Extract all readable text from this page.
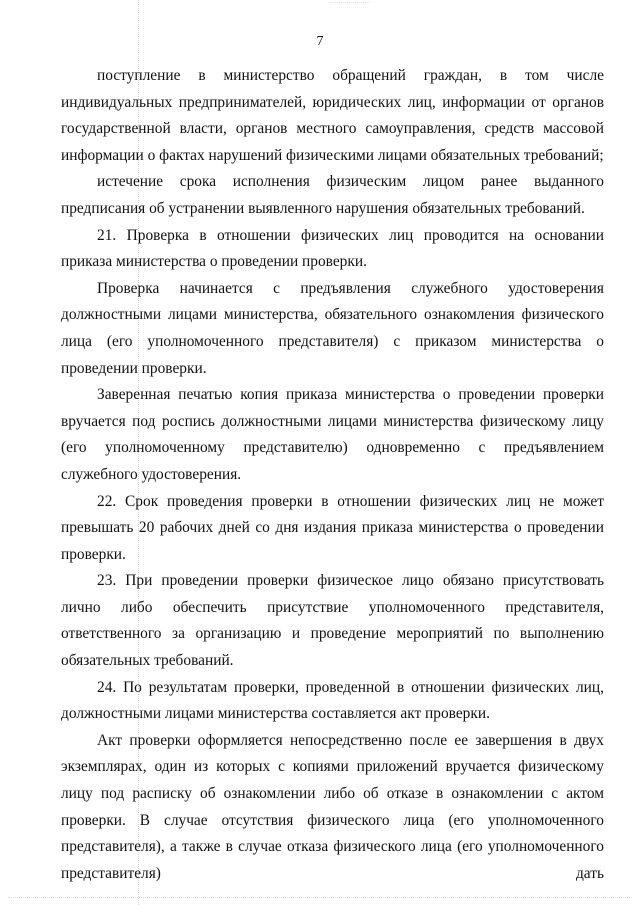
7

поступление в министерство обращений граждан, в том числе индивидуальных предпринимателей, юридических лиц, информации от органов государственной власти, органов местного самоуправления, средств массовой информации о фактах нарушений физическими лицами обязательных требований;

истечение срока исполнения физическим лицом ранее выданного предписания об устранении выявленного нарушения обязательных требований.

21. Проверка в отношении физических лиц проводится на основании приказа министерства о проведении проверки.

Проверка начинается с предъявления служебного удостоверения должностными лицами министерства, обязательного ознакомления физического лица (его уполномоченного представителя) с приказом министерства о проведении проверки.

Заверенная печатью копия приказа министерства о проведении проверки вручается под роспись должностными лицами министерства физическому лицу (его уполномоченному представителю) одновременно с предъявлением служебного удостоверения.

22. Срок проведения проверки в отношении физических лиц не может превышать 20 рабочих дней со дня издания приказа министерства о проведении проверки.

23. При проведении проверки физическое лицо обязано присутствовать лично либо обеспечить присутствие уполномоченного представителя, ответственного за организацию и проведение мероприятий по выполнению обязательных требований.

24. По результатам проверки, проведенной в отношении физических лиц, должностными лицами министерства составляется акт проверки.

Акт проверки оформляется непосредственно после ее завершения в двух экземплярах, один из которых с копиями приложений вручается физическому лицу под расписку об ознакомлении либо об отказе в ознакомлении с актом проверки. В случае отсутствия физического лица (его уполномоченного представителя), а также в случае отказа физического лица (его уполномоченного представителя) дать
